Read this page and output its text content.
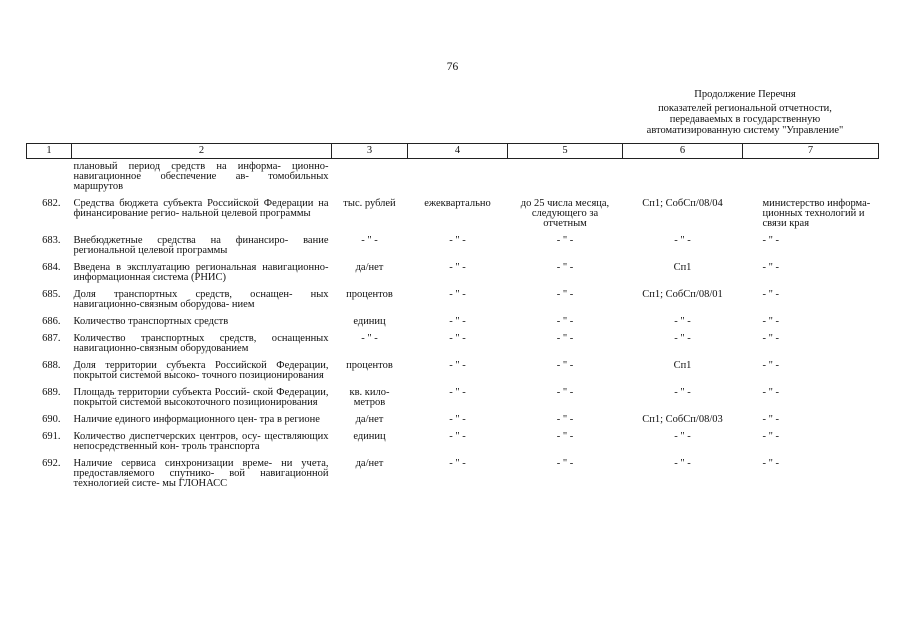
76
Продолжение Перечня
показателей региональной отчетности,
передаваемых в государственную
автоматизированную систему "Управление"
1	2	3	4	5	6	7
	плановый период средств на информа- ционно-навигационное обеспечение ав- томобильных маршрутов					
682.	Средства бюджета субъекта Российской Федерации на финансирование регио- нальной целевой программы	тыс. рублей	ежеквартально	до 25 числа месяца, следующего за отчетным	Сп1; СобСп/08/04	министерство информа- ционных технологий и связи края
683.	Внебюджетные средства на финансиро- вание региональной целевой программы	- " -	- " -	- " -	- " -	- " -
684.	Введена в эксплуатацию региональная навигационно-информационная система (РНИС)	да/нет	- " -	- " -	Сп1	- " -
685.	Доля транспортных средств, оснащен- ных навигационно-связным оборудова- нием	процентов	- " -	- " -	Сп1; СобСп/08/01	- " -
686.	Количество транспортных средств	единиц	- " -	- " -	- " -	- " -
687.	Количество транспортных средств, оснащенных навигационно-связным оборудованием	- " -	- " -	- " -	- " -	- " -
688.	Доля территории субъекта Российской Федерации, покрытой системой высоко- точного позиционирования	процентов	- " -	- " -	Сп1	- " -
689.	Площадь территории субъекта Россий- ской Федерации, покрытой системой высокоточного позиционирования	кв. кило- метров	- " -	- " -	- " -	- " -
690.	Наличие единого информационного цен- тра в регионе	да/нет	- " -	- " -	Сп1; СобСп/08/03	- " -
691.	Количество диспетчерских центров, осу- ществляющих непосредственный кон- троль транспорта	единиц	- " -	- " -	- " -	- " -
692.	Наличие сервиса синхронизации време- ни учета, предоставляемого спутнико- вой навигационной технологией систе- мы ГЛОНАСС	да/нет	- " -	- " -	- " -	- " -
